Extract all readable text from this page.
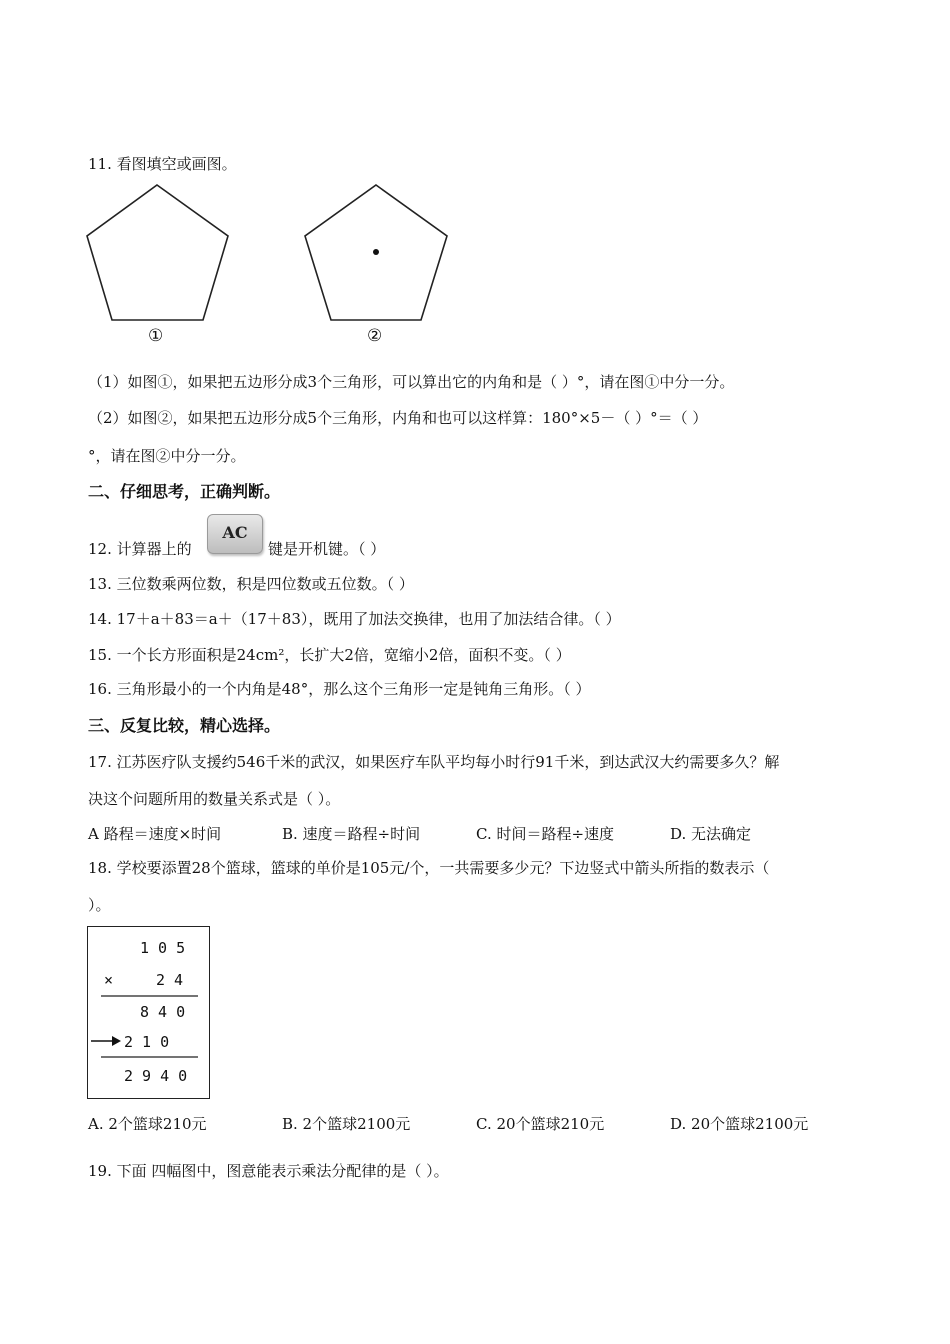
11. 看图填空或画图。
①	②
（1）如图①，如果把五边形分成3个三角形，可以算出它的内角和是（ ）°，请在图①中分一分。
（2）如图②，如果把五边形分成5个三角形，内角和也可以这样算：180°×5－（ ）°＝（ ）
°，请在图②中分一分。
二、仔细思考，正确判断。
12. 计算器上的
AC
键是开机键。（ ）
13. 三位数乘两位数，积是四位数或五位数。（ ）
14. 17＋a＋83＝a＋（17＋83），既用了加法交换律，也用了加法结合律。（ ）
15. 一个长方形面积是24cm²，长扩大2倍，宽缩小2倍，面积不变。（ ）
16. 三角形最小的一个内角是48°，那么这个三角形一定是钝角三角形。（ ）
三、反复比较，精心选择。
17. 江苏医疗队支援约546千米的武汉，如果医疗车队平均每小时行91千米，到达武汉大约需要多久？解
决这个问题所用的数量关系式是（ ）。
A 路程＝速度×时间	B. 速度＝路程÷时间	C. 时间＝路程÷速度	D. 无法确定
18. 学校要添置28个篮球，篮球的单价是105元/个，一共需要多少元？下边竖式中箭头所指的数表示（
）。
1 0 5
×	2 4
8 4 0
2 1 0
2 9 4 0
A. 2个篮球210元	B. 2个篮球2100元	C. 20个篮球210元	D. 20个篮球2100元
19. 下面 四幅图中，图意能表示乘法分配律的是（ ）。
